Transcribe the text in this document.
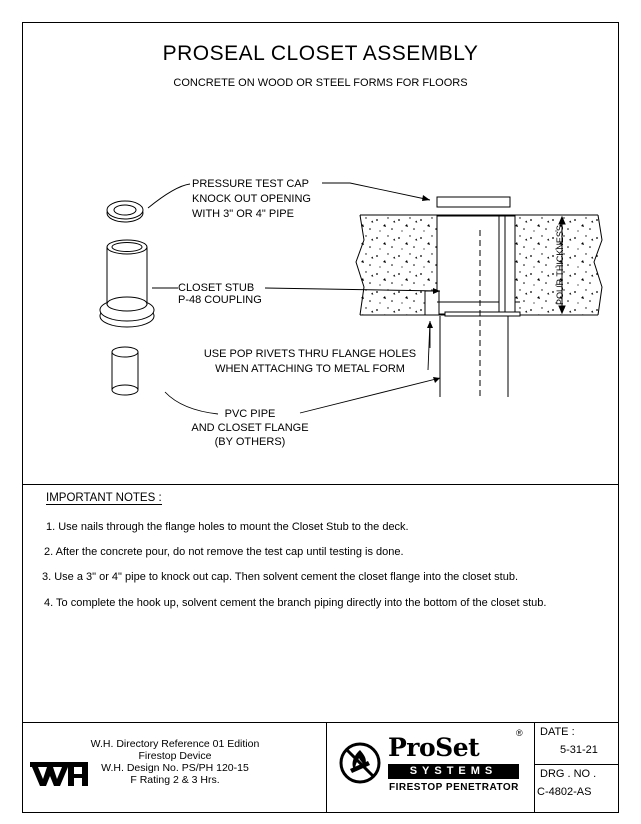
PROSEAL CLOSET ASSEMBLY
CONCRETE ON WOOD OR STEEL FORMS FOR FLOORS
PRESSURE TEST CAP
KNOCK OUT OPENING
WITH 3" OR 4" PIPE
CLOSET STUB
P-48 COUPLING
USE POP RIVETS THRU FLANGE HOLES
WHEN ATTACHING TO METAL FORM
PVC PIPE
AND CLOSET FLANGE
(BY OTHERS)
POUR THICKNESS
IMPORTANT NOTES :
1. Use nails through the flange holes to mount the Closet Stub to the deck.
2. After the concrete pour, do not remove the test cap until testing is done.
3. Use a 3" or 4" pipe to knock out cap. Then solvent cement the closet flange into the closet stub.
4. To complete the hook up, solvent cement the branch piping directly into the bottom of the closet stub.
W.H. Directory Reference 01 Edition
Firestop Device
W.H. Design No. PS/PH 120-15
F Rating 2 & 3 Hrs.
ProSet	®
SYSTEMS
FIRESTOP PENETRATOR
DATE :
5-31-21
DRG . NO .
C-4802-AS
